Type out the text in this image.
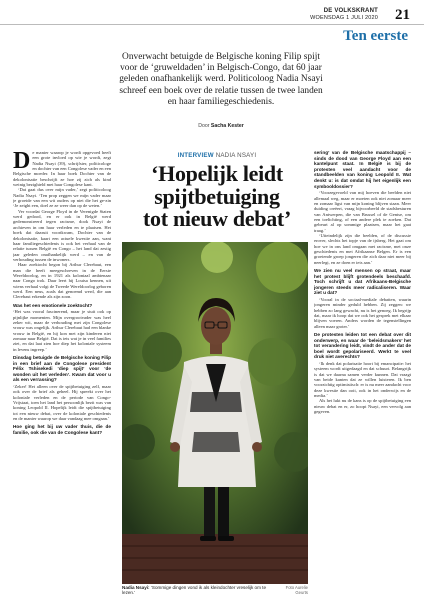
DE VOLKSKRANT
WOENSDAG 1 JULI 2020 21
Ten eerste
Onverwacht betuigde de Belgische koning Filip spijt
voor de ‘gruweldaden’ in Belgisch-Congo, dat 60 jaar
geleden onafhankelijk werd. Politicoloog Nadia Nsayi
schreef een boek over de relatie tussen de twee landen
en haar familiegeschiedenis.
Door Sacha Kester

De manier waarop je wordt opgevoed heeft een grote invloed op wie je wordt, zegt Nadia Nsayi (39), schrijfster, politicologe en dochter van een Congolese vader en een Belgische moeder. In haar boek Dochter van de dekolonisatie beschrijft ze hoe zij zich als kind weinig bezighield met haar Congolese kant.

‘Dat gaat dus over mijn vader,’ zegt politicoloog Nadia Nsayi. ‘Ten prop zeggen we mijn vader maar je groeide van een wit ouders op niet die het ge-zin ‘Je zeight een, doel ze ze weer dan op de weten.’

Ver voordat George Floyd in de Verenigde Staten werd gedood, en er ook in België werd gedemonstreerd tegen racisme, dook Nsayi de archieven in om haar verleden en te plaatsen. Het boek dat daaruit voortkwam, Dochter van de dekolonisatie, kaart een actuele kwestie aan, want haar familiegeschiedenis is ook het verhaal van de relatie tussen België en Congo – het land dat zestig jaar geleden onafhankelijk werd – en van de verhouding tussen de inwoners.

Haar zoektocht begon bij Arthur Clerebaut, een man die heeft meegeschreven in de Eerste Wereldoorlog, en in 1921 als koloniaal ambtenaar naar Congo trok. Daar leert hij Louisa kennen, uit wiens verhaal volgt de Tweede Wereldoorlog geboren werd. Een neus, zoals dat genoemd werd, die aan Clerebaut erkende als zijn zoon.

Was het een emotionele zoektocht?

‘Het was vooral fascinerend, maar je stuit ook op pijnlijke momenten. Mijn overgrootvader was heel zeker wit, maar de verhouding met zijn Congolese vrouw was ongelijk. Arthur Clerebaut had een blanke vrouw in België, en hij kon met zijn kinderen niet zomaar naar België. Dat is iets wat je in veel families ziet, en dat laat zien hoe diep het koloniale systeem in levens ingreep.’

Dinsdag betuigde de Belgische koning Filip in een brief aan de Congolese president Félix Tshisekedi ‘diep spijt’ voor ‘de wonden uit het verleden’. Kwam dat voor u als een verrassing?

‘Zeker! Het alleen over de spijtbetuiging zelf, maar ook over de brief als geheel. Hij spreekt over het koloniale verleden en de periode van Congo-Vrijstaat, toen het land het persoonlijk bezit was van koning Leopold II. Hopelijk leidt die spijtbetuiging tot een nieuw debat, over de koloniale geschiedenis en de manier waarop we daar vandaag mee omgaan.’

Hoe ging het bij uw vader thuis, die de familie, ook die van de Congolese kant?
INTERVIEW NADIA NSAYI
‘Hopelijk leidt
spijtbetuiging
tot nieuw debat’
Nadia Nsayi: ‘Sommige dingen vond ik als kleindochter vreselijk om te lezen.’
Foto Aurelie Geurts
sering’ van de Belgische maatschappij – sinds de dood van George Floyd aan een kantelpunt staat. In België is bij de protesten veel aandacht voor de standbeelden van koning Leopold II. Wat denkt u: is dat omdat hij het eigenlijk een symbooldossier?

‘Voorzegevoeld van mij hoeven die beelden niet allemaal weg, maar er moeten ook niet zomaar meer en zomaar ligst van mijn koning blijven staan. Meer duiding creëert, vraag bijvoorbeeld de stadsbesturen van Antwerpen, die van Brussel of de Gentse, om een toelichting, of een andere plek te zoeken. Dat gebeurt al op sommige plaatsen, maar het gaat traag.’

‘Uiteindelijk zijn die beelden, of de discussie erover, slechts het topje van de ijsberg. Het gaat om hoe we in ons land omgaan met racisme, met onze geschiedenis en met Afrikaanse Belgen. Er is een groeiende groep jongeren die zich daar niet meer bij neerlegt, en ze doen er iets aan.’

We zien nu veel mensen op straat, maar het protest blijft grotendeels beschaafd. Toch schrijft u dat Afrikaans-Belgische jongeren steeds meer radicaliseren. Waar ziet u dat?

‘Vooral in de sociaal-mediale debatten, waarin jongeren minder geduld hebben. Zij zeggen: we hebben zo lang gewacht, nu is het genoeg. Ik begrijp dat, maar ik hoop dat we ook het gesprek met elkaar blijven voeren. Anders worden de tegenstellingen alleen maar groter.’

De protesten leiden tot een debat over dit onderwerp, en waar de ‘beleidsmakers’ het tot verandering leidt, vindt de ander dat de boel wordt gepolariseerd. Werkt te veel druk niet averechts?

‘Ik denk dat polarisatie hoort bij emancipatie: het systeem wordt uitgedaagd en dat schuurt. Belangrijk is dat we daarna samen verder kunnen. Dat vraagt van beide kanten dat ze willen luisteren. Ik ben voorzichtig optimistisch: er is nu meer aandacht voor deze kwestie dan ooit, ook in het onderwijs en de media.’

Als het lukt nu de kans is op de spijtbetuiging een nieuw debat en er, zo hoopt Nsayi, een vervolg aan gegeven.
